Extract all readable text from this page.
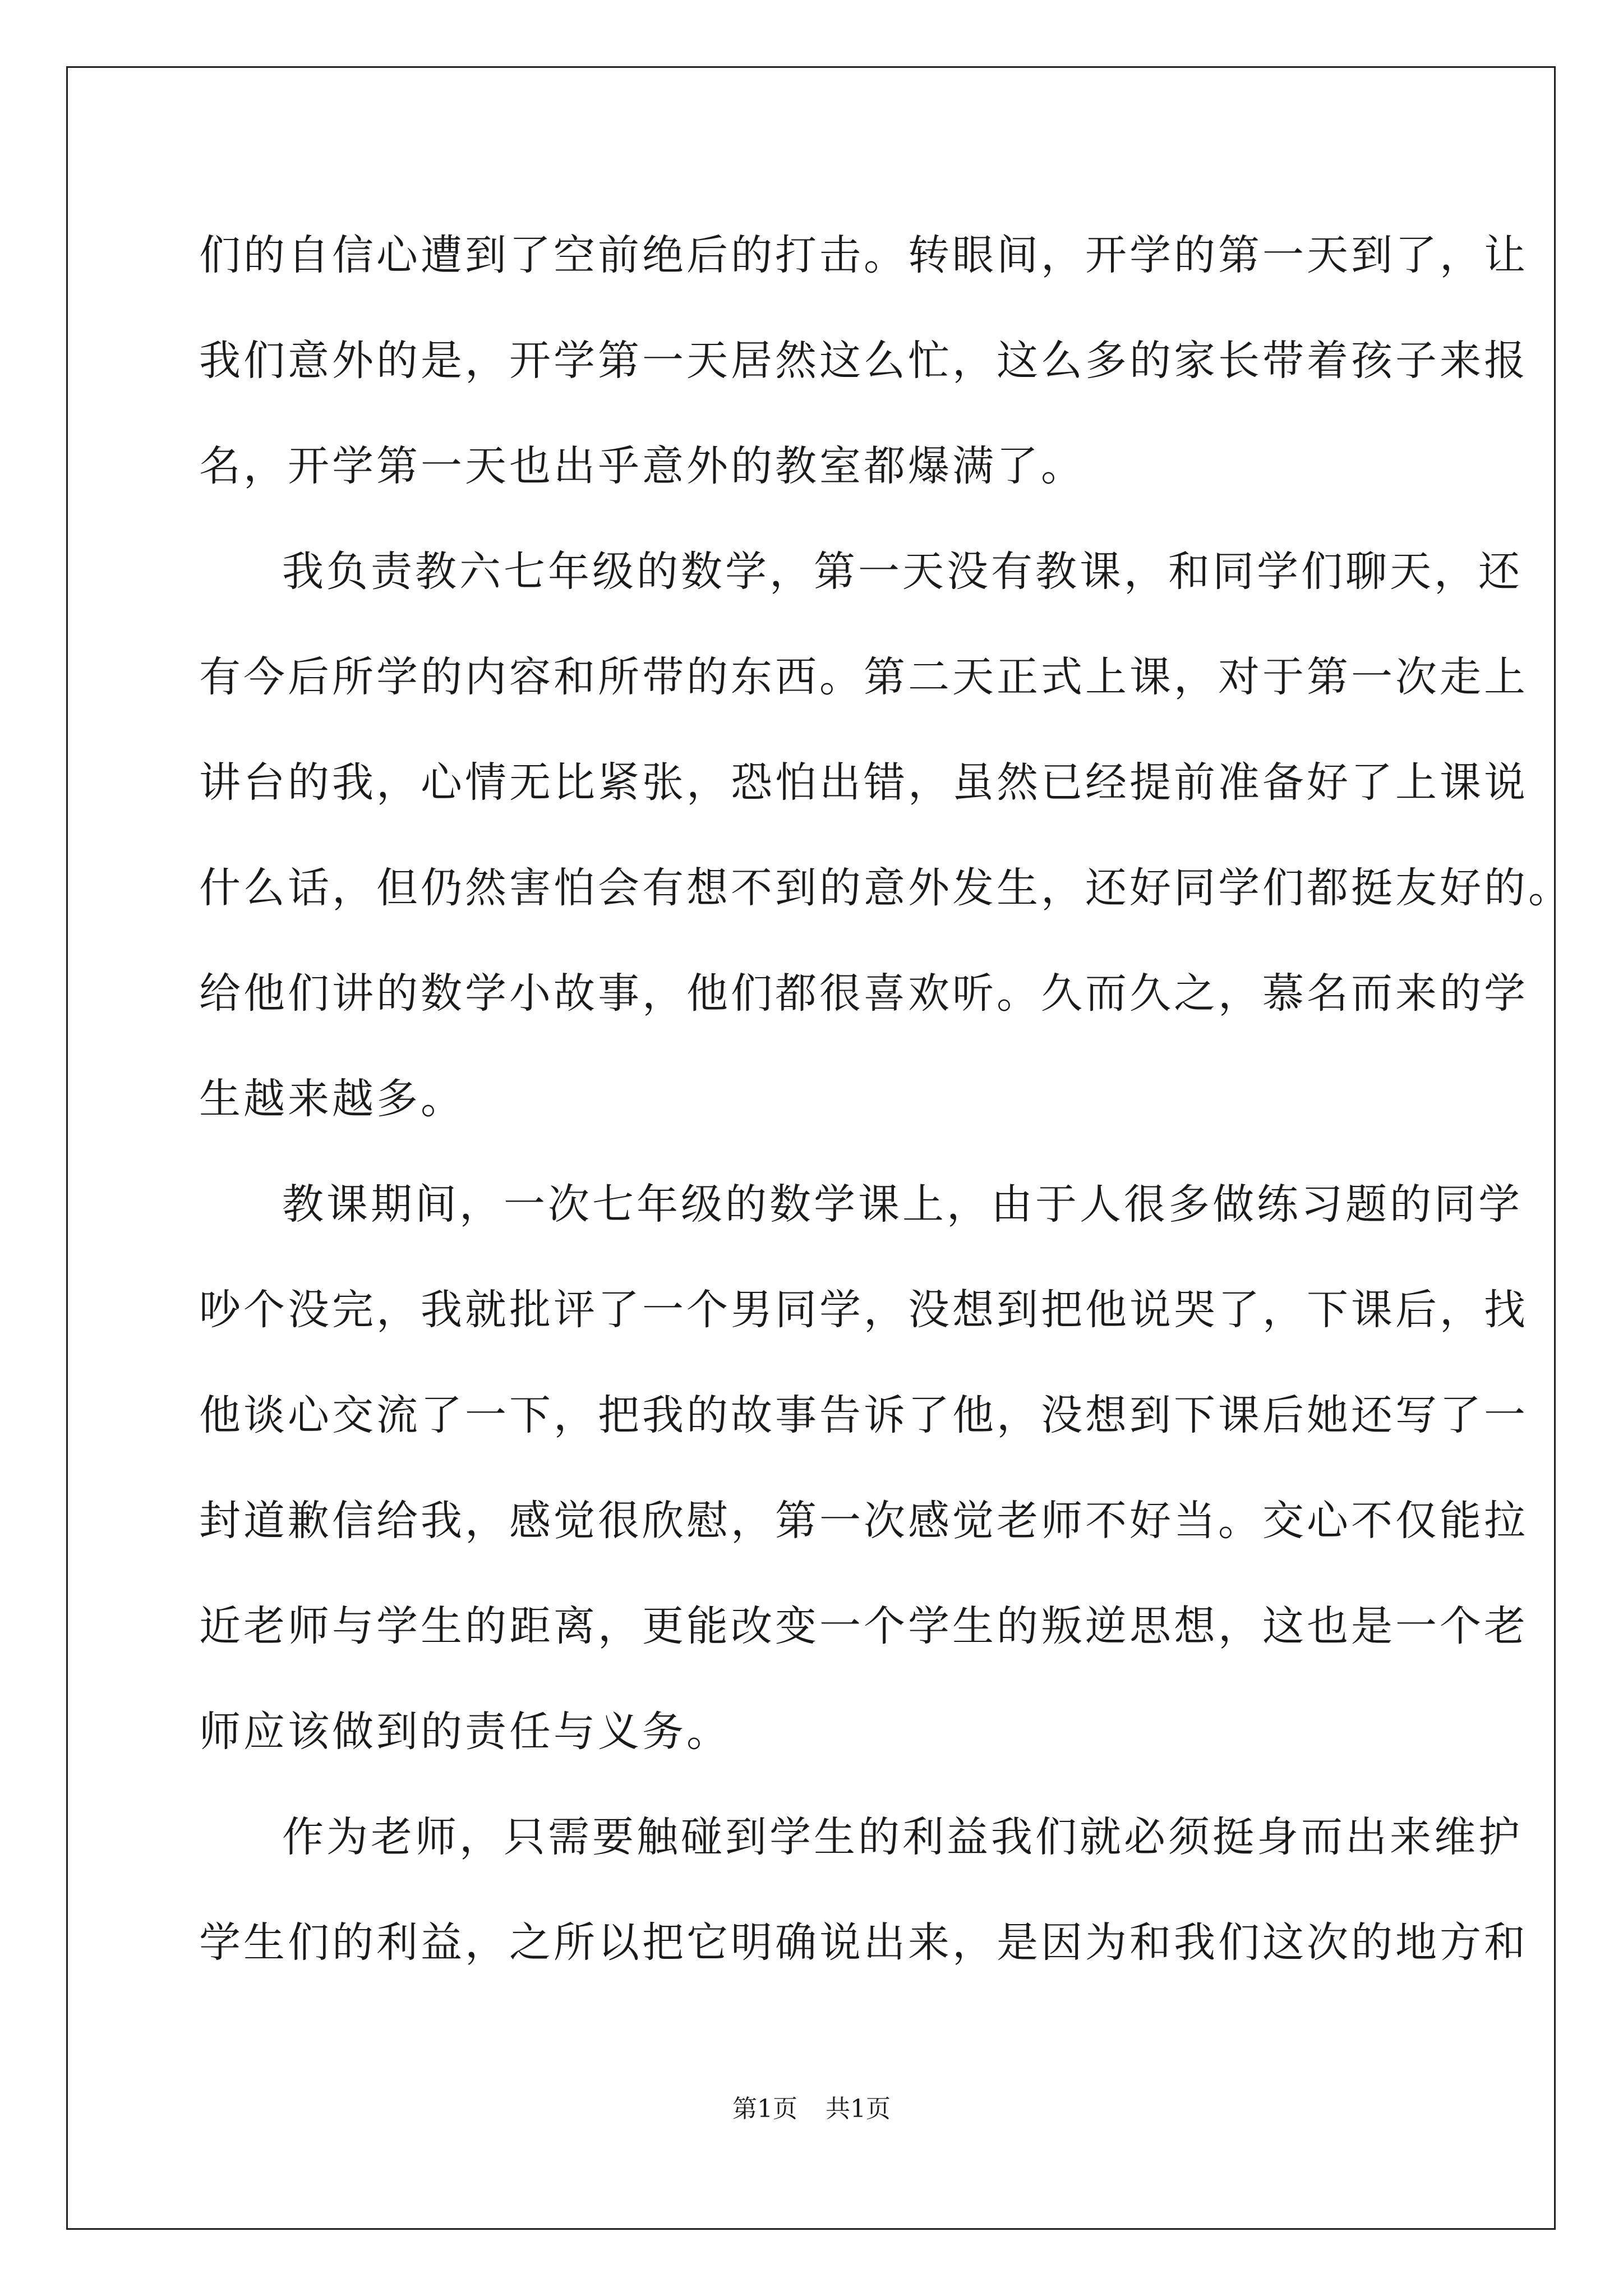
们的自信心遭到了空前绝后的打击。转眼间，开学的第一天到了，让
我们意外的是，开学第一天居然这么忙，这么多的家长带着孩子来报
名，开学第一天也出乎意外的教室都爆满了。
我负责教六七年级的数学，第一天没有教课，和同学们聊天，还
有今后所学的内容和所带的东西。第二天正式上课，对于第一次走上
讲台的我，心情无比紧张，恐怕出错，虽然已经提前准备好了上课说
什么话，但仍然害怕会有想不到的意外发生，还好同学们都挺友好的。
给他们讲的数学小故事，他们都很喜欢听。久而久之，慕名而来的学
生越来越多。
教课期间，一次七年级的数学课上，由于人很多做练习题的同学
吵个没完，我就批评了一个男同学，没想到把他说哭了，下课后，找
他谈心交流了一下，把我的故事告诉了他，没想到下课后她还写了一
封道歉信给我，感觉很欣慰，第一次感觉老师不好当。交心不仅能拉
近老师与学生的距离，更能改变一个学生的叛逆思想，这也是一个老
师应该做到的责任与义务。
作为老师，只需要触碰到学生的利益我们就必须挺身而出来维护
学生们的利益，之所以把它明确说出来，是因为和我们这次的地方和
第1页 共1页
